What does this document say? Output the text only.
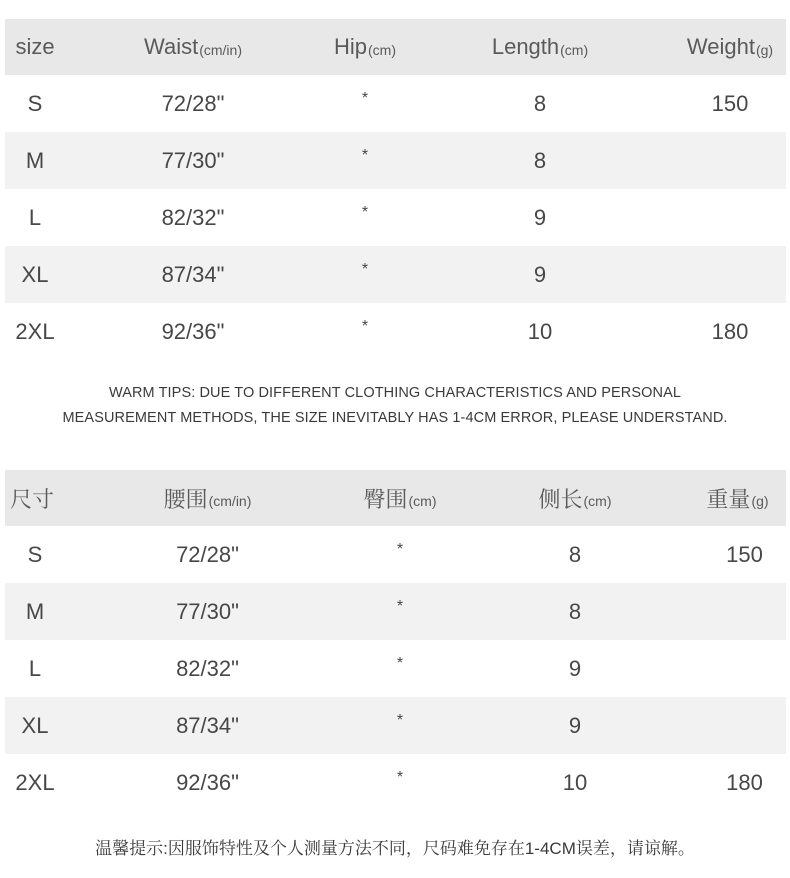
size	Waist (cm/in)	Hip (cm)	Length (cm)	Weight (g)
S	72/28"	*	8	150
M	77/30"	*	8
L	82/32"	*	9
XL	87/34"	*	9
2XL	92/36"	*	10	180
WARM TIPS: DUE TO DIFFERENT CLOTHING CHARACTERISTICS AND PERSONAL
MEASUREMENT METHODS, THE SIZE INEVITABLY HAS 1-4CM ERROR, PLEASE UNDERSTAND.
尺寸	腰围 (cm/in)	臀围 (cm)	侧长 (cm)	重量 (g)
S	72/28"	*	8	150
M	77/30"	*	8
L	82/32"	*	9
XL	87/34"	*	9
2XL	92/36"	*	10	180
温馨提示:因服饰特性及个人测量方法不同，尺码难免存在1-4CM误差，请谅解。
